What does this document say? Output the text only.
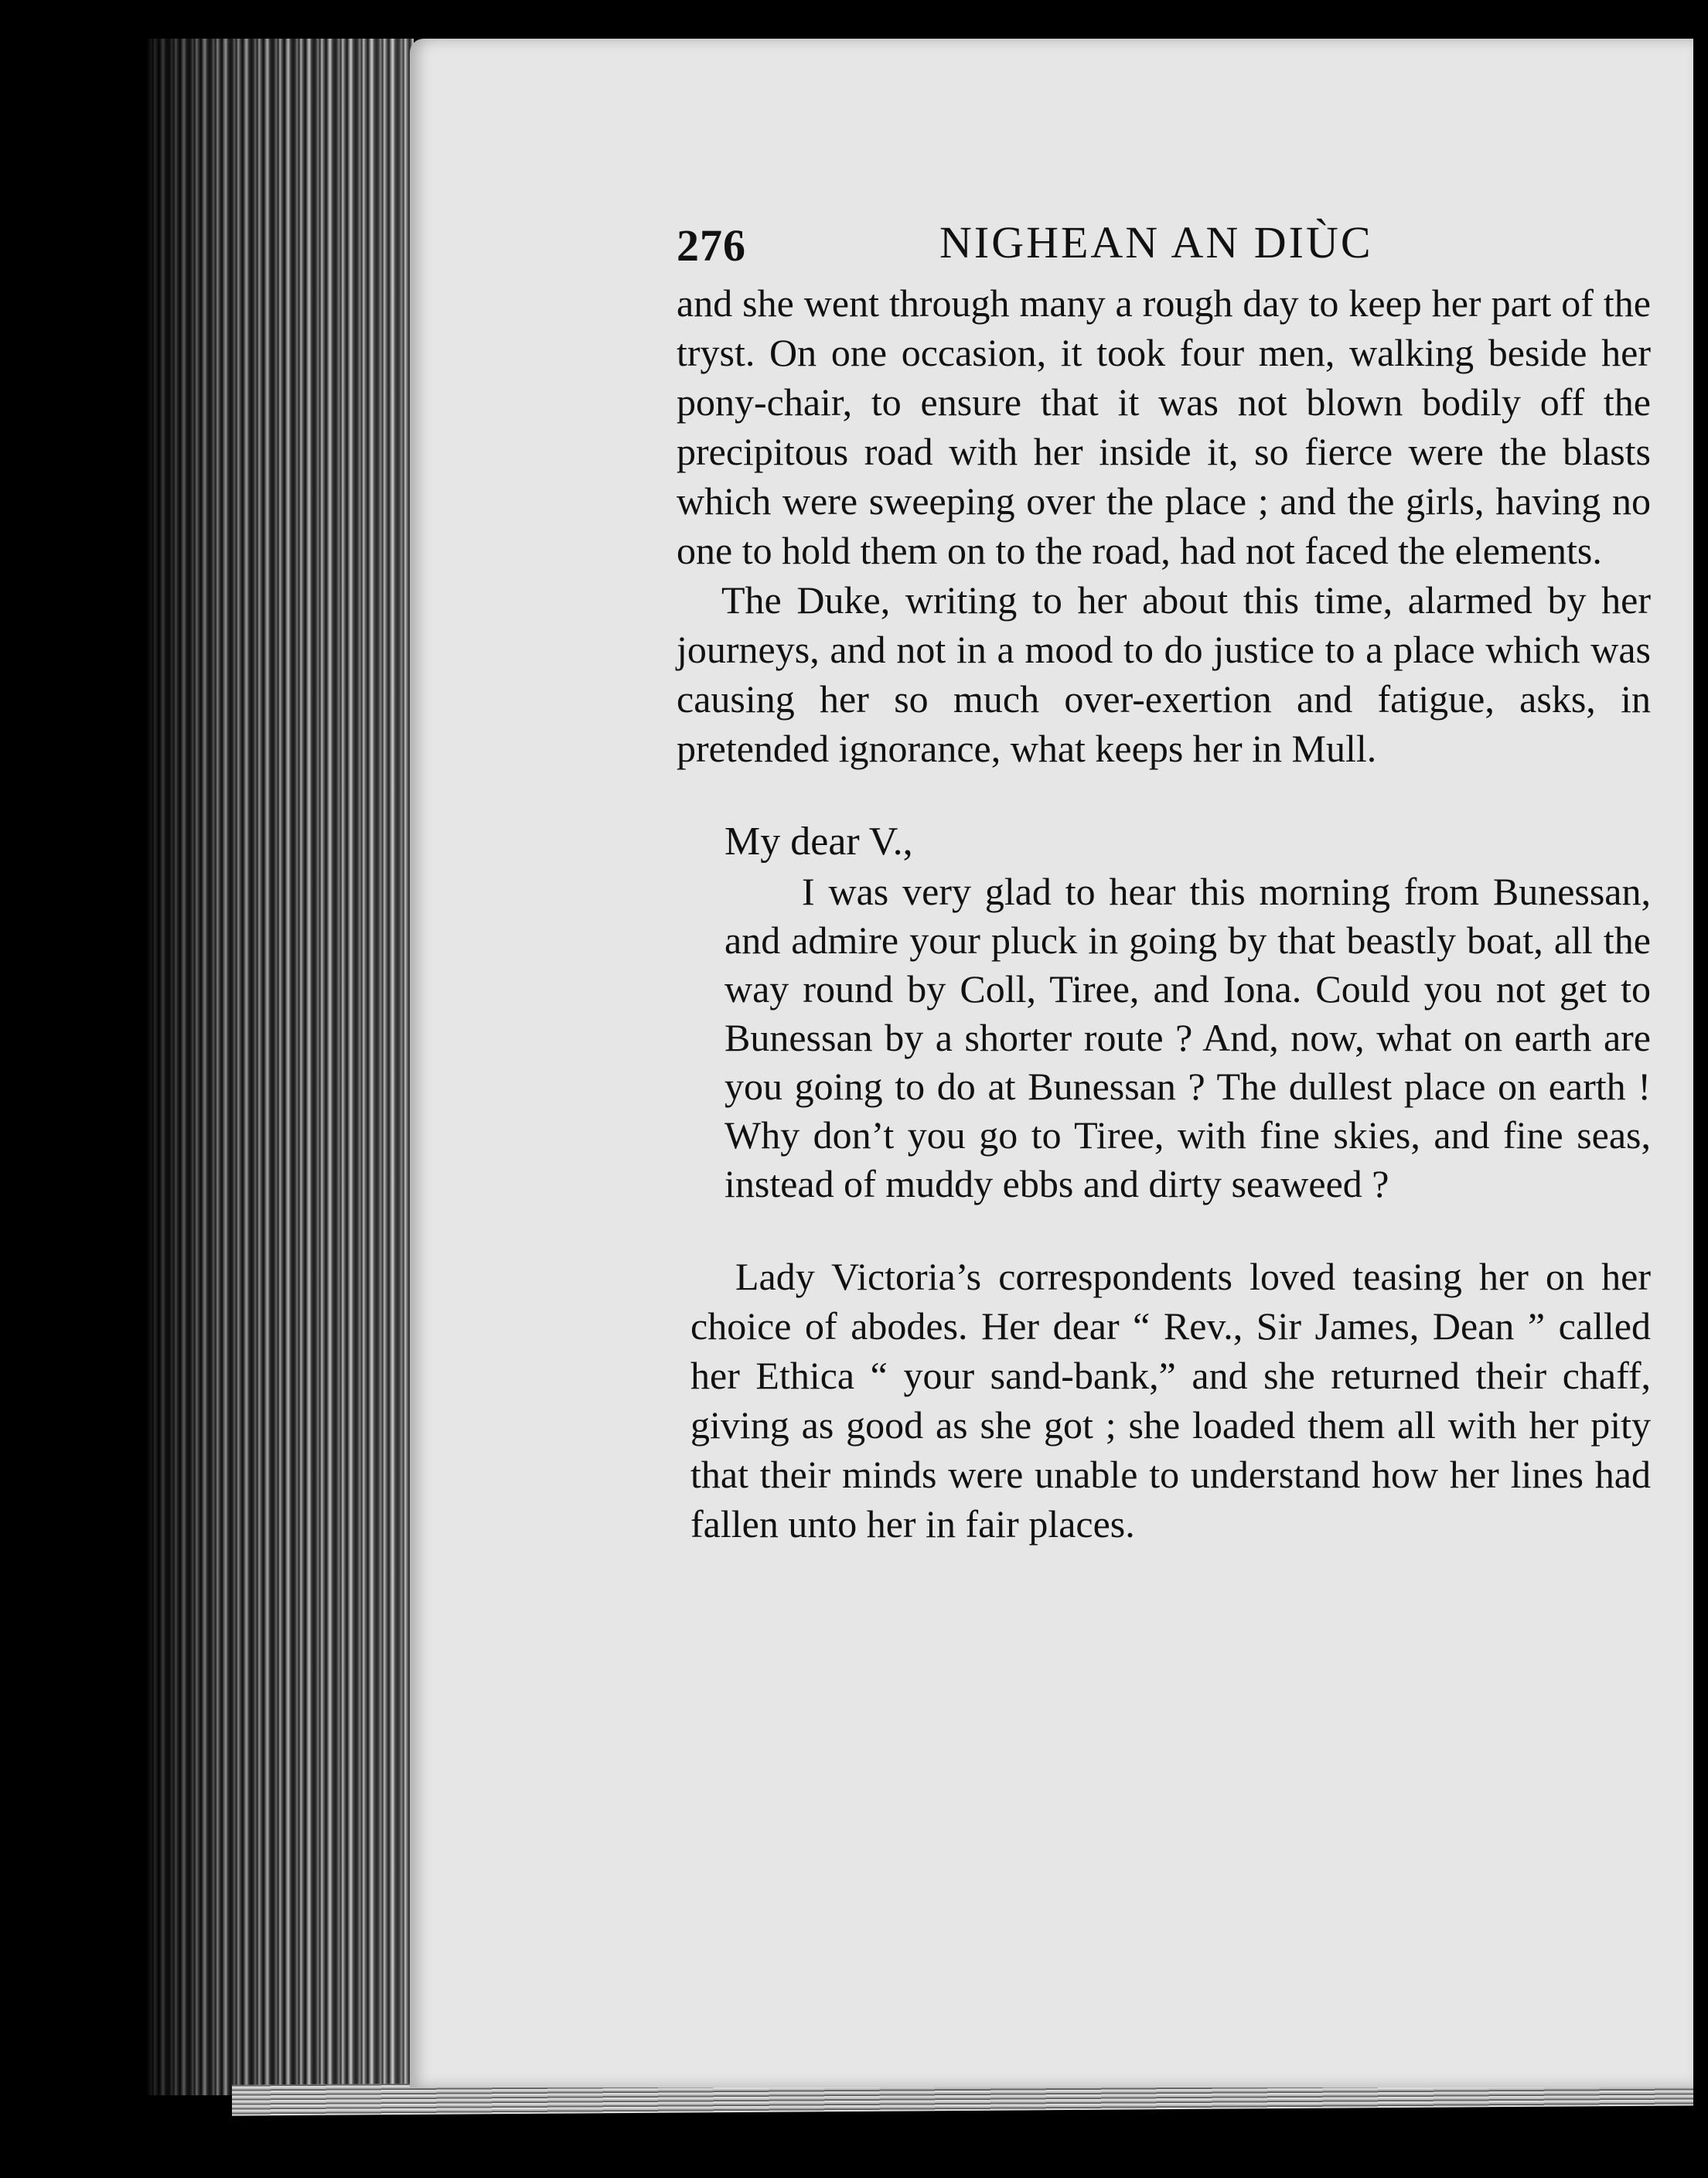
276	NIGHEAN AN DIÙC

and she went through many a rough day to keep her part of the tryst. On one occasion, it took four men, walking beside her pony-chair, to ensure that it was not blown bodily off the precipitous road with her inside it, so fierce were the blasts which were sweeping over the place ; and the girls, having no one to hold them on to the road, had not faced the elements.

The Duke, writing to her about this time, alarmed by her journeys, and not in a mood to do justice to a place which was causing her so much over-exertion and fatigue, asks, in pretended ignorance, what keeps her in Mull.

My dear V.,

I was very glad to hear this morning from Bunessan, and admire your pluck in going by that beastly boat, all the way round by Coll, Tiree, and Iona. Could you not get to Bunessan by a shorter route ? And, now, what on earth are you going to do at Bunessan ? The dullest place on earth ! Why don’t you go to Tiree, with fine skies, and fine seas, instead of muddy ebbs and dirty seaweed ?

Lady Victoria’s correspondents loved teasing her on her choice of abodes. Her dear “ Rev., Sir James, Dean ” called her Ethica “ your sand-bank,” and she returned their chaff, giving as good as she got ; she loaded them all with her pity that their minds were unable to understand how her lines had fallen unto her in fair places.
